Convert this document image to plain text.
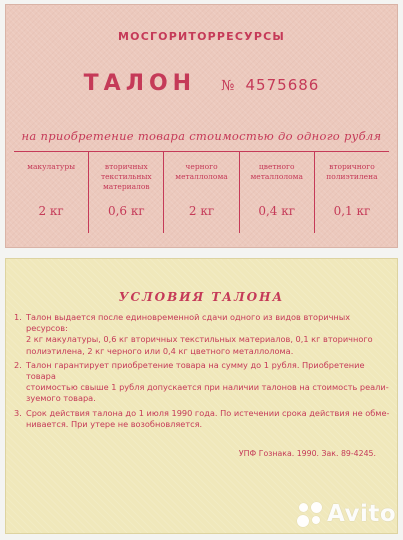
МОСГОРИТОРРЕСУРСЫ
ТАЛОН № 4575686
на приобретение товара стоимостью до одного рубля
макулатуры
2 кг
вторичных
текстильных
материалов
0,6 кг
черного
металлолома
2 кг
цветного
металлолома
0,4 кг
вторичного
полиэтилена
0,1 кг
УСЛОВИЯ ТАЛОНА
1. Талон выдается после единовременной сдачи одного из видов вторичных ресурсов:
2 кг макулатуры, 0,6 кг вторичных текстильных материалов, 0,1 кг вторичного
полиэтилена, 2 кг черного или 0,4 кг цветного металлолома.
2. Талон гарантирует приобретение товара на сумму до 1 рубля. Приобретение товара
стоимостью свыше 1 рубля допускается при наличии талонов на стоимость реали-
зуемого товара.
3. Срок действия талона до 1 июля 1990 года. По истечении срока действия не обме-
нивается. При утере не возобновляется.
УПФ Гознака. 1990. Зак. 89-4245.
Avito
